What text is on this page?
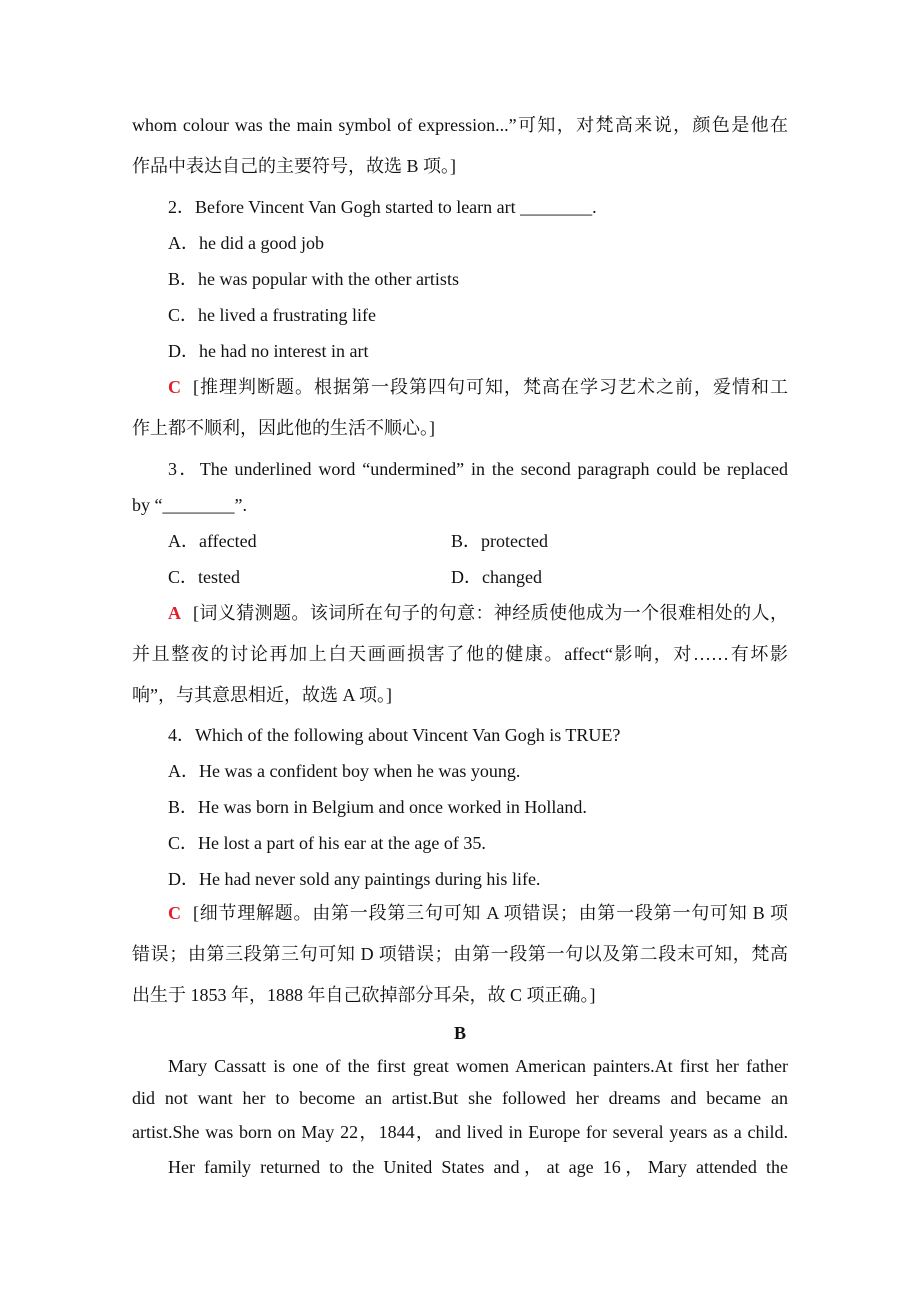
whom colour was the main symbol of expression...”可知，对梵高来说，颜色是他在
作品中表达自己的主要符号，故选 B 项。]
2．Before Vincent Van Gogh started to learn art ________.
A．he did a good job
B．he was popular with the other artists
C．he lived a frustrating life
D．he had no interest in art
C [推理判断题。根据第一段第四句可知，梵高在学习艺术之前，爱情和工
作上都不顺利，因此他的生活不顺心。]
3．The underlined word “undermined” in the second paragraph could be replaced
by “________”.
A．affected	B．protected
C．tested	D．changed
A [词义猜测题。该词所在句子的句意：神经质使他成为一个很难相处的人，
并且整夜的讨论再加上白天画画损害了他的健康。affect“影响，对……有坏影
响”，与其意思相近，故选 A 项。]
4．Which of the following about Vincent Van Gogh is TRUE?
A．He was a confident boy when he was young.
B．He was born in Belgium and once worked in Holland.
C．He lost a part of his ear at the age of 35.
D．He had never sold any paintings during his life.
C [细节理解题。由第一段第三句可知 A 项错误；由第一段第一句可知 B 项
错误；由第三段第三句可知 D 项错误；由第一段第一句以及第二段末可知，梵高
出生于 1853 年，1888 年自己砍掉部分耳朵，故 C 项正确。]
B
Mary Cassatt is one of the first great women American painters.At first her father
did not want her to become an artist.But she followed her dreams and became an
artist.She was born on May 22，1844，and lived in Europe for several years as a child.
Her family returned to the United States and，at age 16，Mary attended the
